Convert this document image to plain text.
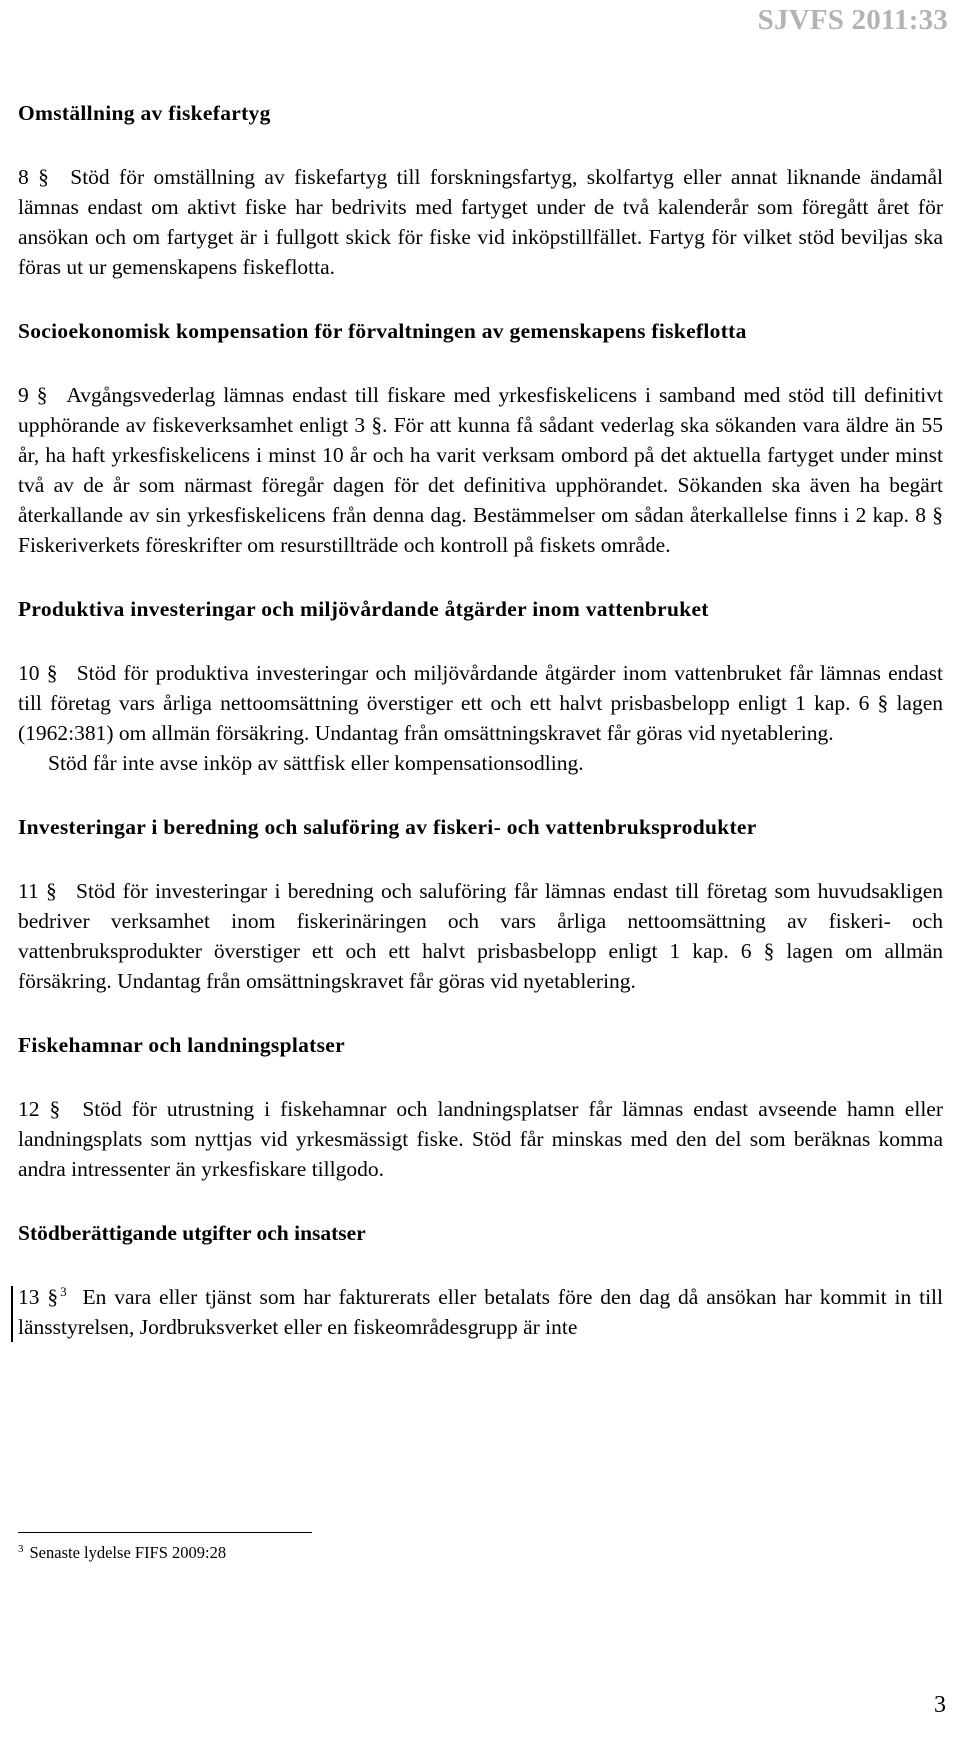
SJVFS 2011:33
Omställning av fiskefartyg

8 § Stöd för omställning av fiskefartyg till forskningsfartyg, skolfartyg eller annat liknande ändamål lämnas endast om aktivt fiske har bedrivits med fartyget under de två kalenderår som föregått året för ansökan och om fartyget är i fullgott skick för fiske vid inköpstillfället. Fartyg för vilket stöd beviljas ska föras ut ur gemenskapens fiskeflotta.

Socioekonomisk kompensation för förvaltningen av gemenskapens fiskeflotta

9 § Avgångsvederlag lämnas endast till fiskare med yrkesfiskelicens i samband med stöd till definitivt upphörande av fiskeverksamhet enligt 3 §. För att kunna få sådant vederlag ska sökanden vara äldre än 55 år, ha haft yrkesfiskelicens i minst 10 år och ha varit verksam ombord på det aktuella fartyget under minst två av de år som närmast föregår dagen för det definitiva upphörandet. Sökanden ska även ha begärt återkallande av sin yrkesfiskelicens från denna dag. Bestämmelser om sådan återkallelse finns i 2 kap. 8 § Fiskeriverkets föreskrifter om resurstillträde och kontroll på fiskets område.

Produktiva investeringar och miljövårdande åtgärder inom vattenbruket

10 § Stöd för produktiva investeringar och miljövårdande åtgärder inom vattenbruket får lämnas endast till företag vars årliga nettoomsättning överstiger ett och ett halvt prisbasbelopp enligt 1 kap. 6 § lagen (1962:381) om allmän försäkring. Undantag från omsättningskravet får göras vid nyetablering.
Stöd får inte avse inköp av sättfisk eller kompensationsodling.

Investeringar i beredning och saluföring av fiskeri- och vattenbruksprodukter

11 § Stöd för investeringar i beredning och saluföring får lämnas endast till företag som huvudsakligen bedriver verksamhet inom fiskerinäringen och vars årliga nettoomsättning av fiskeri- och vattenbruksprodukter överstiger ett och ett halvt prisbasbelopp enligt 1 kap. 6 § lagen om allmän försäkring. Undantag från omsättningskravet får göras vid nyetablering.

Fiskehamnar och landningsplatser

12 § Stöd för utrustning i fiskehamnar och landningsplatser får lämnas endast avseende hamn eller landningsplats som nyttjas vid yrkesmässigt fiske. Stöd får minskas med den del som beräknas komma andra intressenter än yrkesfiskare tillgodo.

Stödberättigande utgifter och insatser

13 § $^3$ En vara eller tjänst som har fakturerats eller betalats före den dag då ansökan har kommit in till länsstyrelsen, Jordbruksverket eller en fiskeområdesgrupp är inte

$^3$ Senaste lydelse FIFS 2009:28
3
